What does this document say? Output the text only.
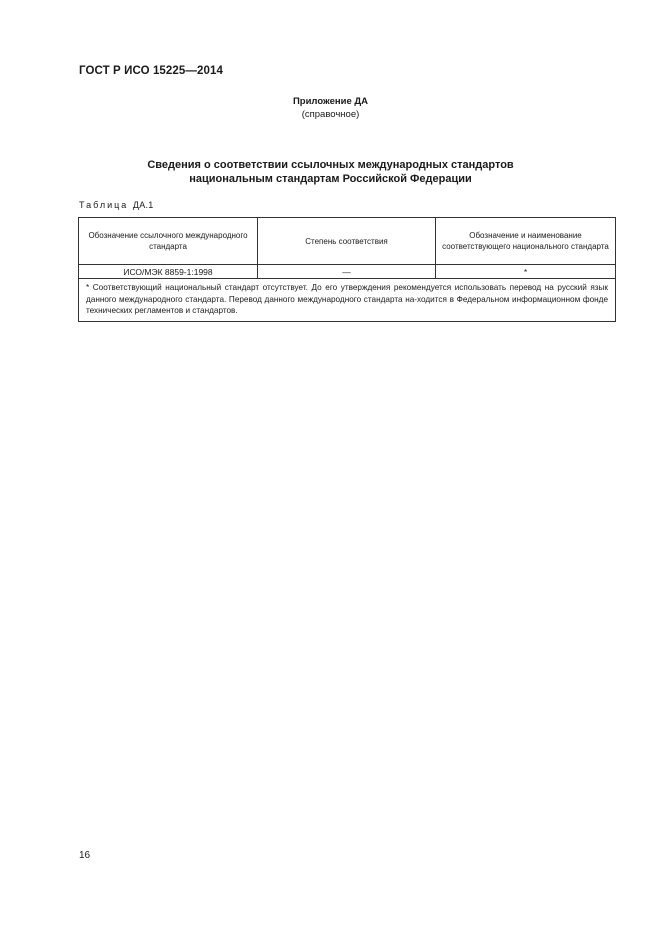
ГОСТ Р ИСО 15225—2014
Приложение ДА
(справочное)
Сведения о соответствии ссылочных международных стандартов
национальным стандартам Российской Федерации
Таблица ДА.1
Обозначение ссылочного международного стандарта	Степень соответствия	Обозначение и наименование соответствующего национального стандарта
ИСО/МЭК 8859-1:1998	—	*
* Соответствующий национальный стандарт отсутствует. До его утверждения рекомендуется использовать перевод на русский язык данного международного стандарта. Перевод данного международного стандарта на-ходится в Федеральном информационном фонде технических регламентов и стандартов.		
16
